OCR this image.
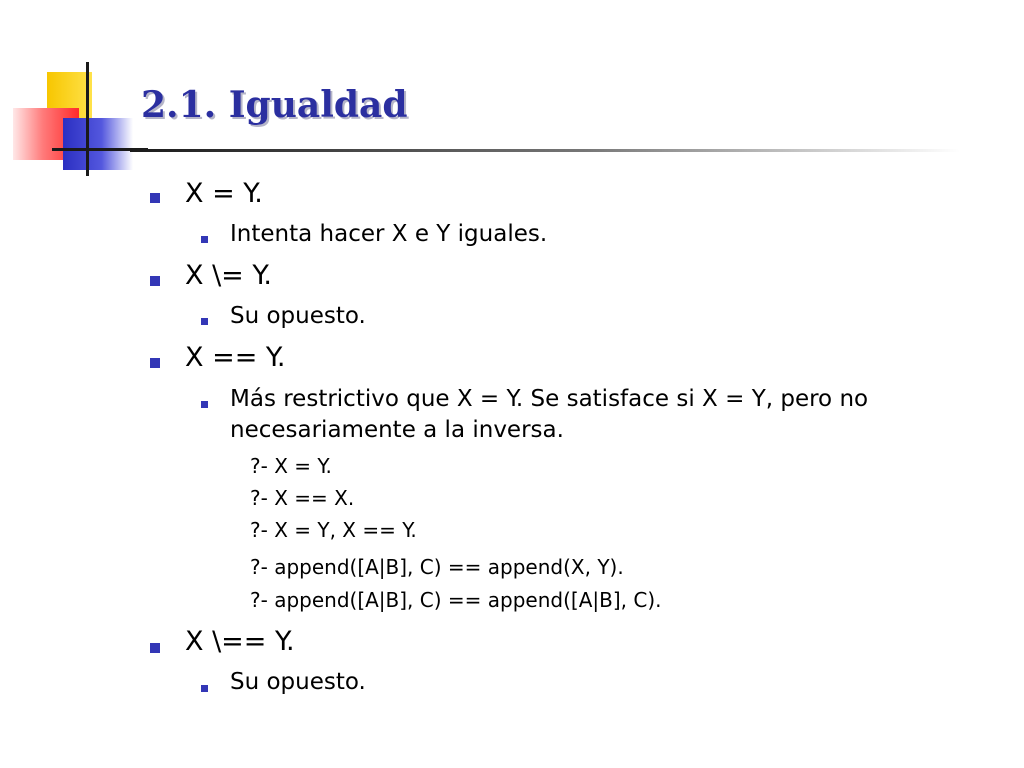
2.1. Igualdad
X = Y.
Intenta hacer X e Y iguales.
X \= Y.
Su opuesto.
X == Y.
Más restrictivo que X = Y. Se satisface si X = Y, pero no
necesariamente a la inversa.
?- X = Y.
?- X == X.
?- X = Y, X == Y.
?- append([A|B], C) == append(X, Y).
?- append([A|B], C) == append([A|B], C).
X \== Y.
Su opuesto.
